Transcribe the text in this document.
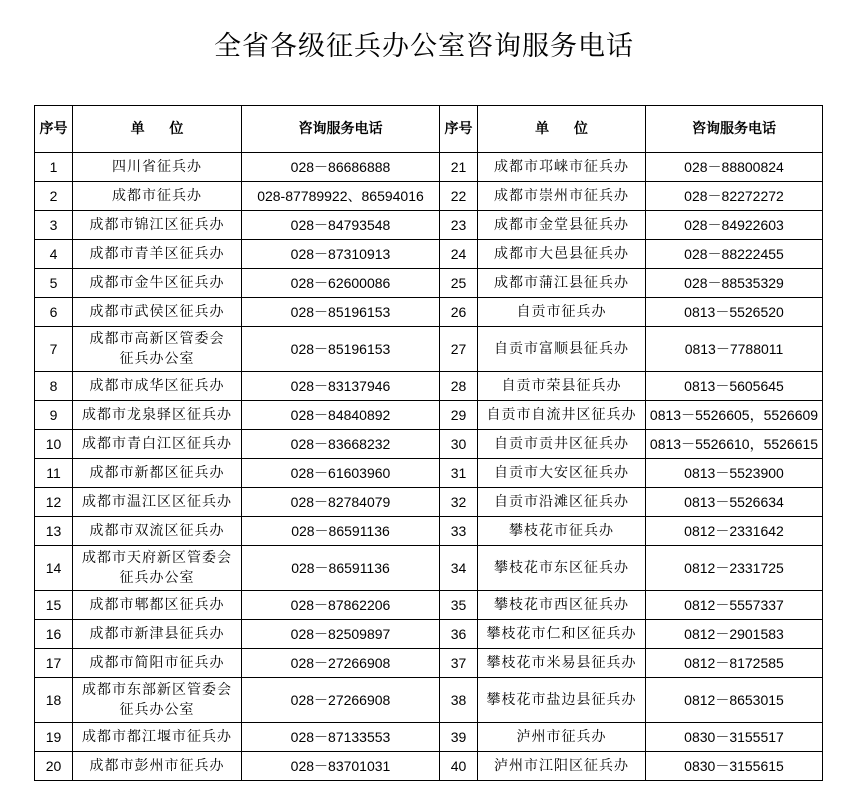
全省各级征兵办公室咨询服务电话
序号	单 位	咨询服务电话	序号	单 位	咨询服务电话
1	四川省征兵办	028－86686888	21	成都市邛崃市征兵办	028－88800824
2	成都市征兵办	028-87789922、86594016	22	成都市崇州市征兵办	028－82272272
3	成都市锦江区征兵办	028－84793548	23	成都市金堂县征兵办	028－84922603
4	成都市青羊区征兵办	028－87310913	24	成都市大邑县征兵办	028－88222455
5	成都市金牛区征兵办	028－62600086	25	成都市蒲江县征兵办	028－88535329
6	成都市武侯区征兵办	028－85196153	26	自贡市征兵办	0813－5526520
7	成都市高新区管委会
征兵办公室	028－85196153	27	自贡市富顺县征兵办	0813－7788011
8	成都市成华区征兵办	028－83137946	28	自贡市荣县征兵办	0813－5605645
9	成都市龙泉驿区征兵办	028－84840892	29	自贡市自流井区征兵办	0813－5526605，5526609
10	成都市青白江区征兵办	028－83668232	30	自贡市贡井区征兵办	0813－5526610，5526615
11	成都市新都区征兵办	028－61603960	31	自贡市大安区征兵办	0813－5523900
12	成都市温江区区征兵办	028－82784079	32	自贡市沿滩区征兵办	0813－5526634
13	成都市双流区征兵办	028－86591136	33	攀枝花市征兵办	0812－2331642
14	成都市天府新区管委会
征兵办公室	028－86591136	34	攀枝花市东区征兵办	0812－2331725
15	成都市郫都区征兵办	028－87862206	35	攀枝花市西区征兵办	0812－5557337
16	成都市新津县征兵办	028－82509897	36	攀枝花市仁和区征兵办	0812－2901583
17	成都市简阳市征兵办	028－27266908	37	攀枝花市米易县征兵办	0812－8172585
18	成都市东部新区管委会
征兵办公室	028－27266908	38	攀枝花市盐边县征兵办	0812－8653015
19	成都市都江堰市征兵办	028－87133553	39	泸州市征兵办	0830－3155517
20	成都市彭州市征兵办	028－83701031	40	泸州市江阳区征兵办	0830－3155615
